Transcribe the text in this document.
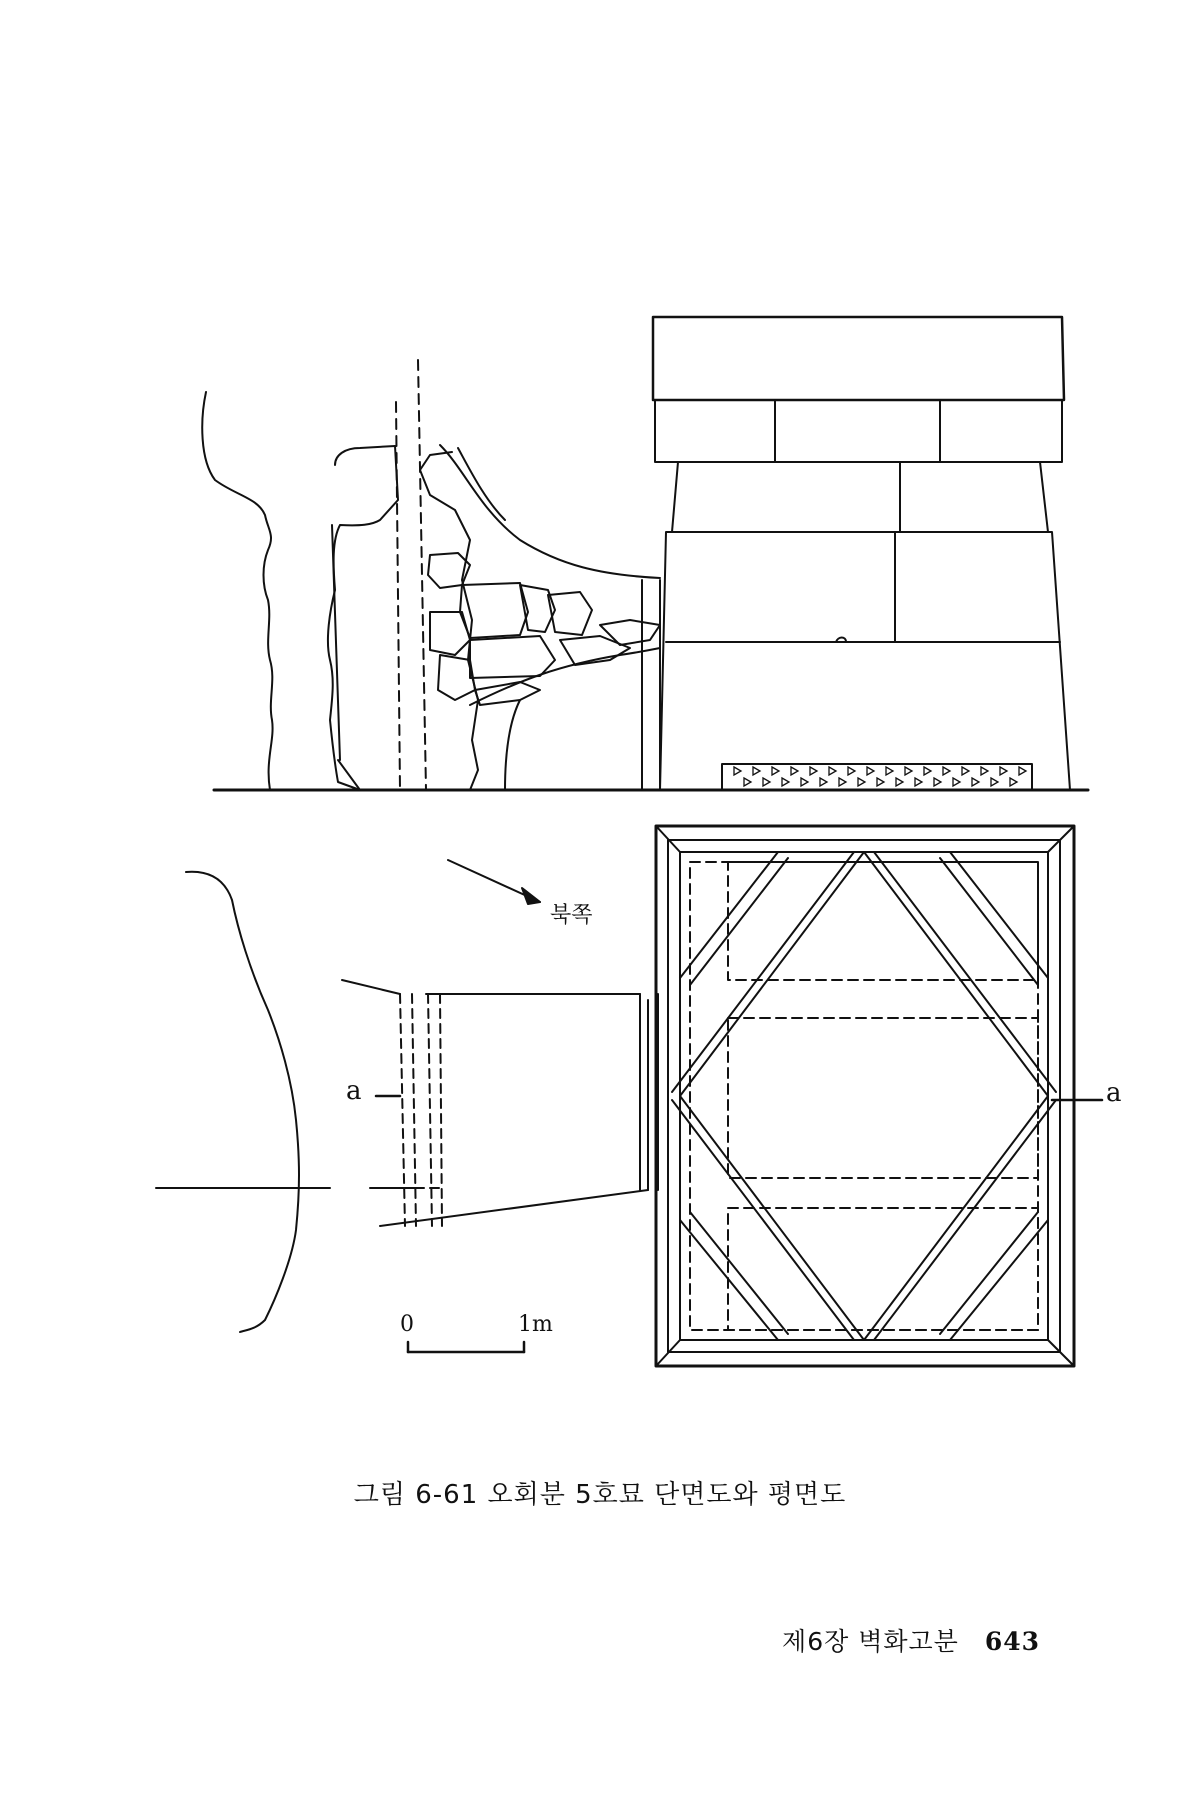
북쪽
a	a
0	1m
그림 6-61 오회분 5호묘 단면도와 평면도
제6장 벽화고분 643
